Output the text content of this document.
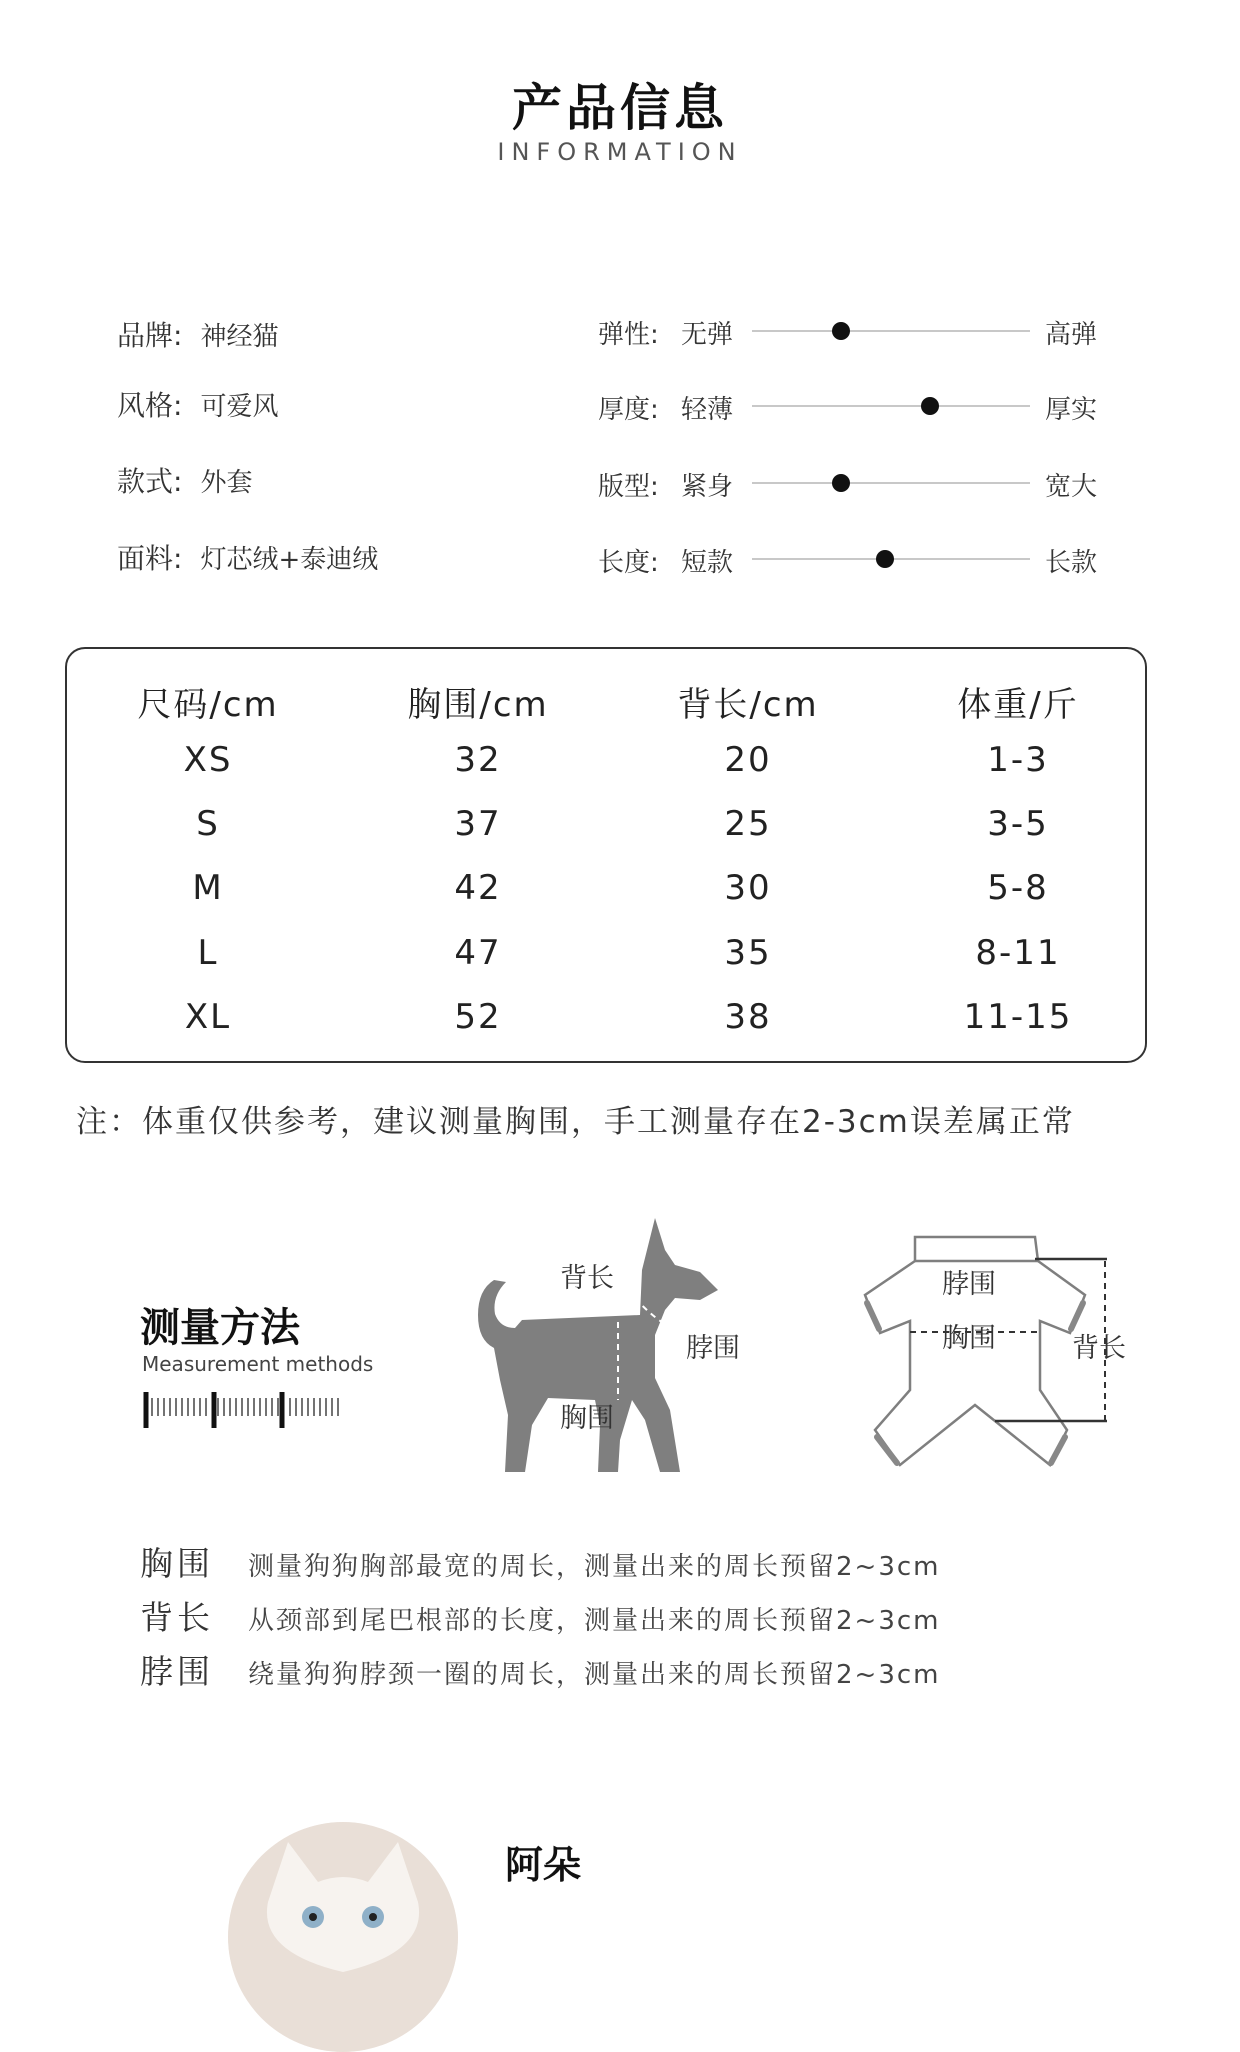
产品信息
INFORMATION
品牌: 神经猫
风格: 可爱风
款式: 外套
面料: 灯芯绒+泰迪绒
弹性: 无弹	高弹
厚度: 轻薄	厚实
版型: 紧身	宽大
长度: 短款	长款
尺码/cm	胸围/cm	背长/cm	体重/斤
XS	32	20	1-3
S	37	25	3-5
M	42	30	5-8
L	47	35	8-11
XL	52	38	11-15
注：体重仅供参考，建议测量胸围，手工测量存在2-3cm误差属正常
测量方法
Measurement methods
背长
脖围
胸围
脖围
胸围	背长
胸围 测量狗狗胸部最宽的周长，测量出来的周长预留2~3cm
背长 从颈部到尾巴根部的长度，测量出来的周长预留2~3cm
脖围 绕量狗狗脖颈一圈的周长，测量出来的周长预留2~3cm
阿朵
